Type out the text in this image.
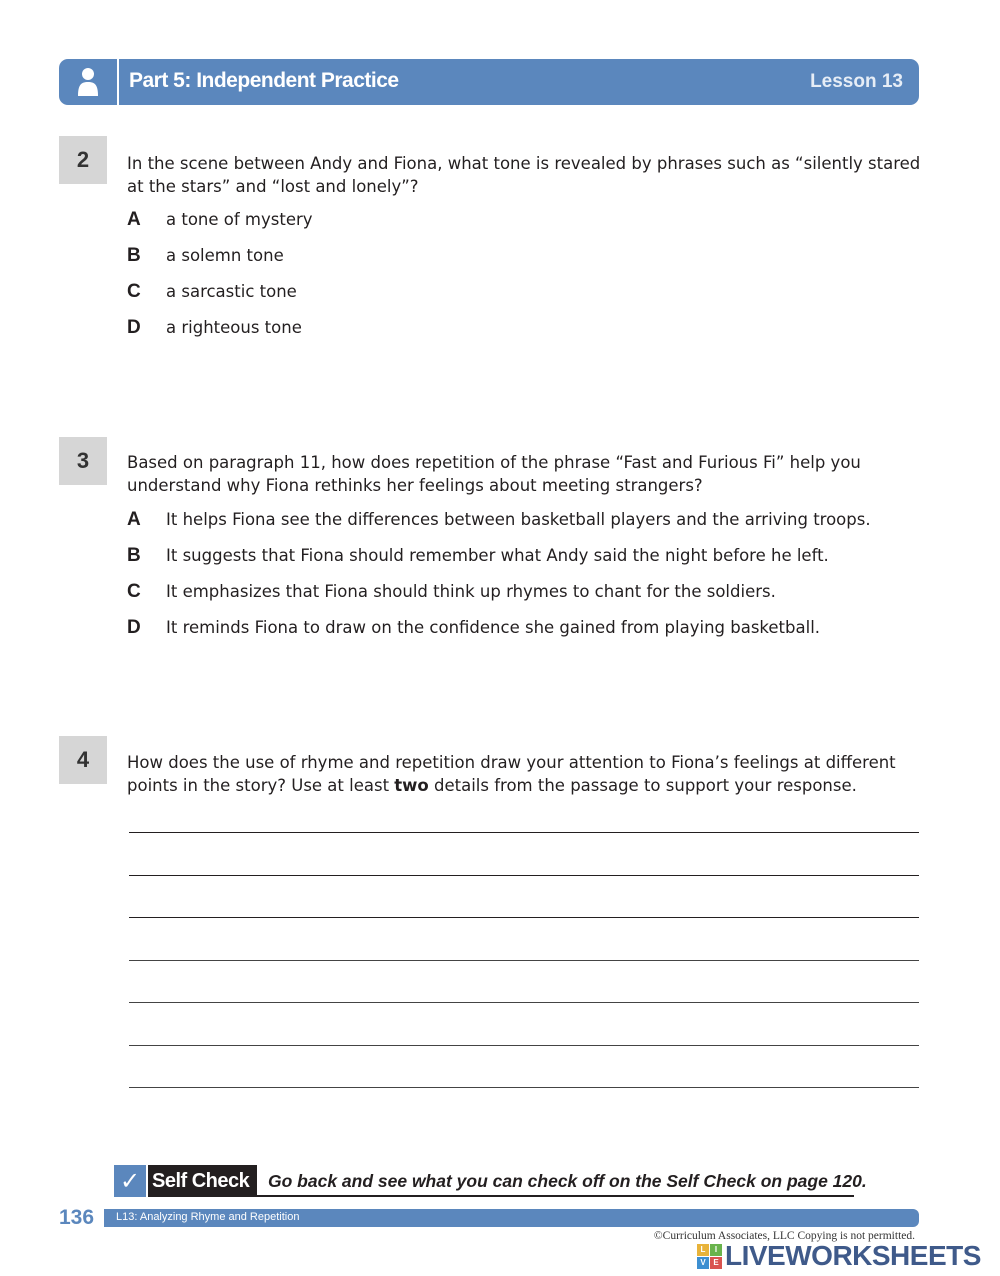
Part 5: Independent Practice	Lesson 13
2	In the scene between Andy and Fiona, what tone is revealed by phrases such as “silently stared at the stars” and “lost and lonely”?
A a tone of mystery
B a solemn tone
C a sarcastic tone
D a righteous tone
3	Based on paragraph 11, how does repetition of the phrase “Fast and Furious Fi” help you understand why Fiona rethinks her feelings about meeting strangers?
A It helps Fiona see the differences between basketball players and the arriving troops.
B It suggests that Fiona should remember what Andy said the night before he left.
C It emphasizes that Fiona should think up rhymes to chant for the soldiers.
D It reminds Fiona to draw on the confidence she gained from playing basketball.
4	How does the use of rhyme and repetition draw your attention to Fiona’s feelings at different points in the story? Use at least two details from the passage to support your response.
✓ Self Check	Go back and see what you can check off on the Self Check on page 120.
136 L13: Analyzing Rhyme and Repetition
©Curriculum Associates, LLC Copying is not permitted.
L	I
V E LIVEWORKSHEETS
